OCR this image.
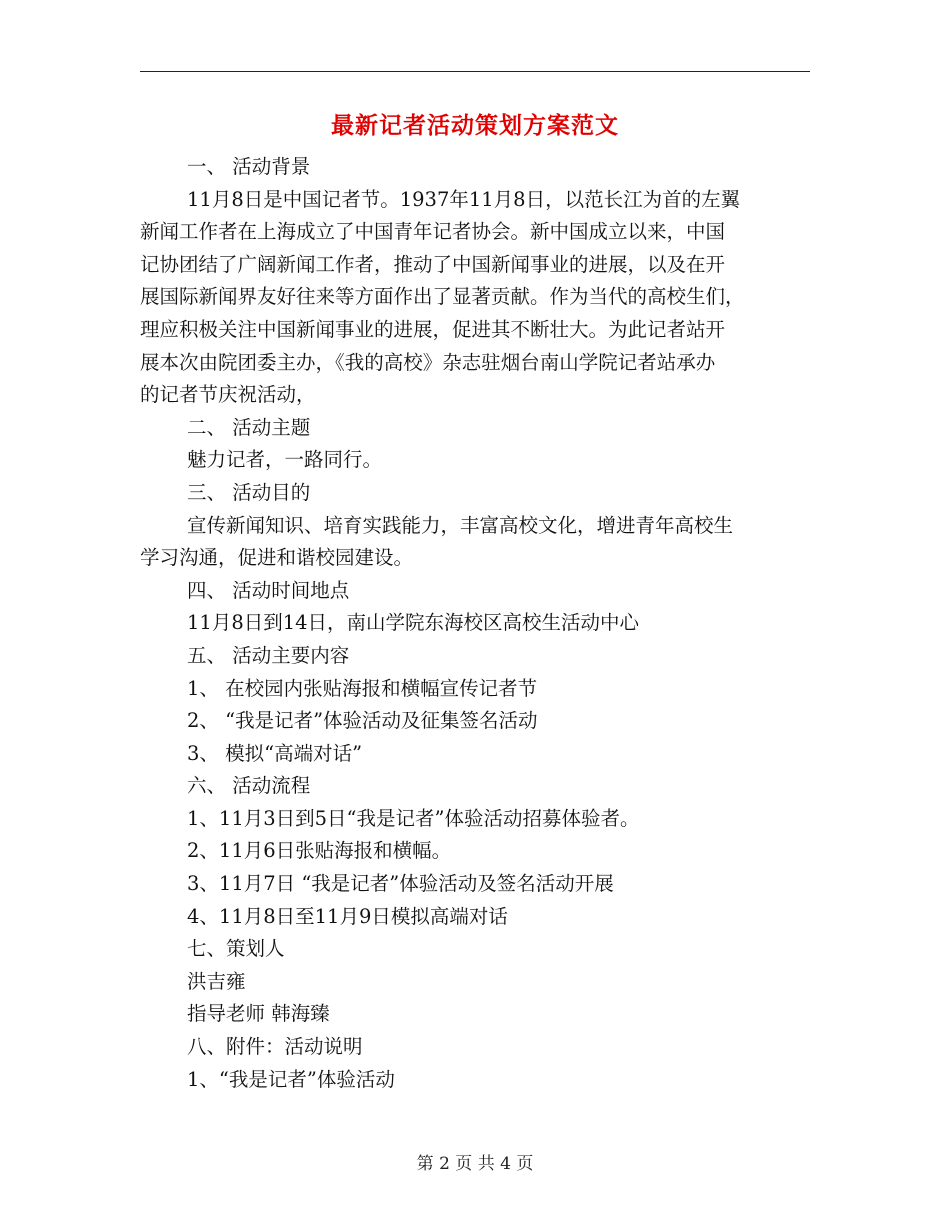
最新记者活动策划方案范文
一、 活动背景
11月8日是中国记者节。1937年11月8日，以范长江为首的左翼
新闻工作者在上海成立了中国青年记者协会。新中国成立以来，中国
记协团结了广阔新闻工作者，推动了中国新闻事业的进展，以及在开
展国际新闻界友好往来等方面作出了显著贡献。作为当代的高校生们，
理应积极关注中国新闻事业的进展，促进其不断壮大。为此记者站开
展本次由院团委主办，《我的高校》杂志驻烟台南山学院记者站承办
的记者节庆祝活动，
二、 活动主题
魅力记者，一路同行。
三、 活动目的
宣传新闻知识、培育实践能力，丰富高校文化，增进青年高校生
学习沟通，促进和谐校园建设。
四、 活动时间地点
11月8日到14日，南山学院东海校区高校生活动中心
五、 活动主要内容
1、 在校园内张贴海报和横幅宣传记者节
2、 “我是记者”体验活动及征集签名活动
3、 模拟“高端对话”
六、 活动流程
1、11月3日到5日“我是记者”体验活动招募体验者。
2、11月6日张贴海报和横幅。
3、11月7日 “我是记者”体验活动及签名活动开展
4、11月8日至11月9日模拟高端对话
七、策划人
洪吉雍
指导老师 韩海臻
八、附件：活动说明
1、“我是记者”体验活动
第 2 页 共 4 页
